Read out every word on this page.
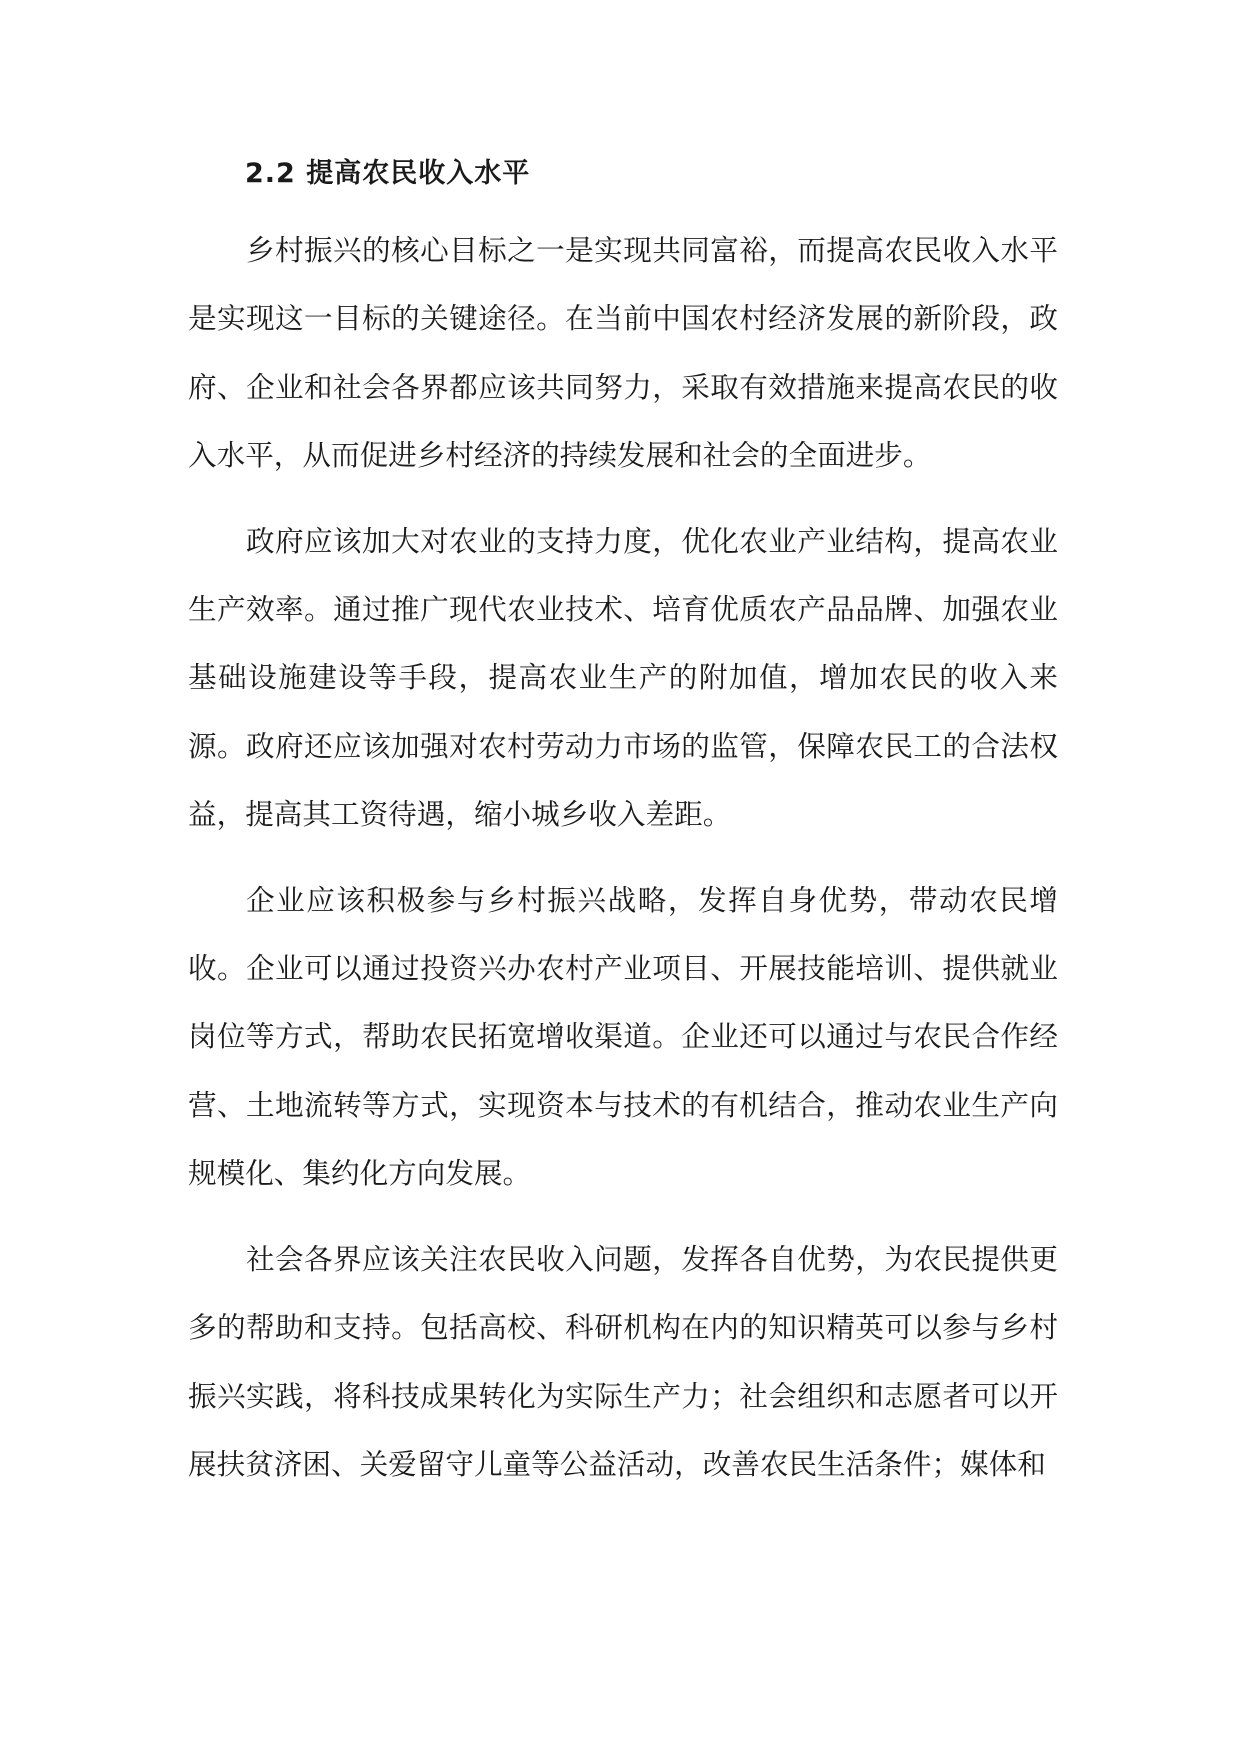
2.2 提高农民收入水平

乡村振兴的核心目标之一是实现共同富裕，而提高农民收入水平是实现这一目标的关键途径。在当前中国农村经济发展的新阶段，政府、企业和社会各界都应该共同努力，采取有效措施来提高农民的收入水平，从而促进乡村经济的持续发展和社会的全面进步。

政府应该加大对农业的支持力度，优化农业产业结构，提高农业生产效率。通过推广现代农业技术、培育优质农产品品牌、加强农业基础设施建设等手段，提高农业生产的附加值，增加农民的收入来源。政府还应该加强对农村劳动力市场的监管，保障农民工的合法权益，提高其工资待遇，缩小城乡收入差距。

企业应该积极参与乡村振兴战略，发挥自身优势，带动农民增收。企业可以通过投资兴办农村产业项目、开展技能培训、提供就业岗位等方式，帮助农民拓宽增收渠道。企业还可以通过与农民合作经营、土地流转等方式，实现资本与技术的有机结合，推动农业生产向规模化、集约化方向发展。

社会各界应该关注农民收入问题，发挥各自优势，为农民提供更多的帮助和支持。包括高校、科研机构在内的知识精英可以参与乡村振兴实践，将科技成果转化为实际生产力；社会组织和志愿者可以开展扶贫济困、关爱留守儿童等公益活动，改善农民生活条件；媒体和
